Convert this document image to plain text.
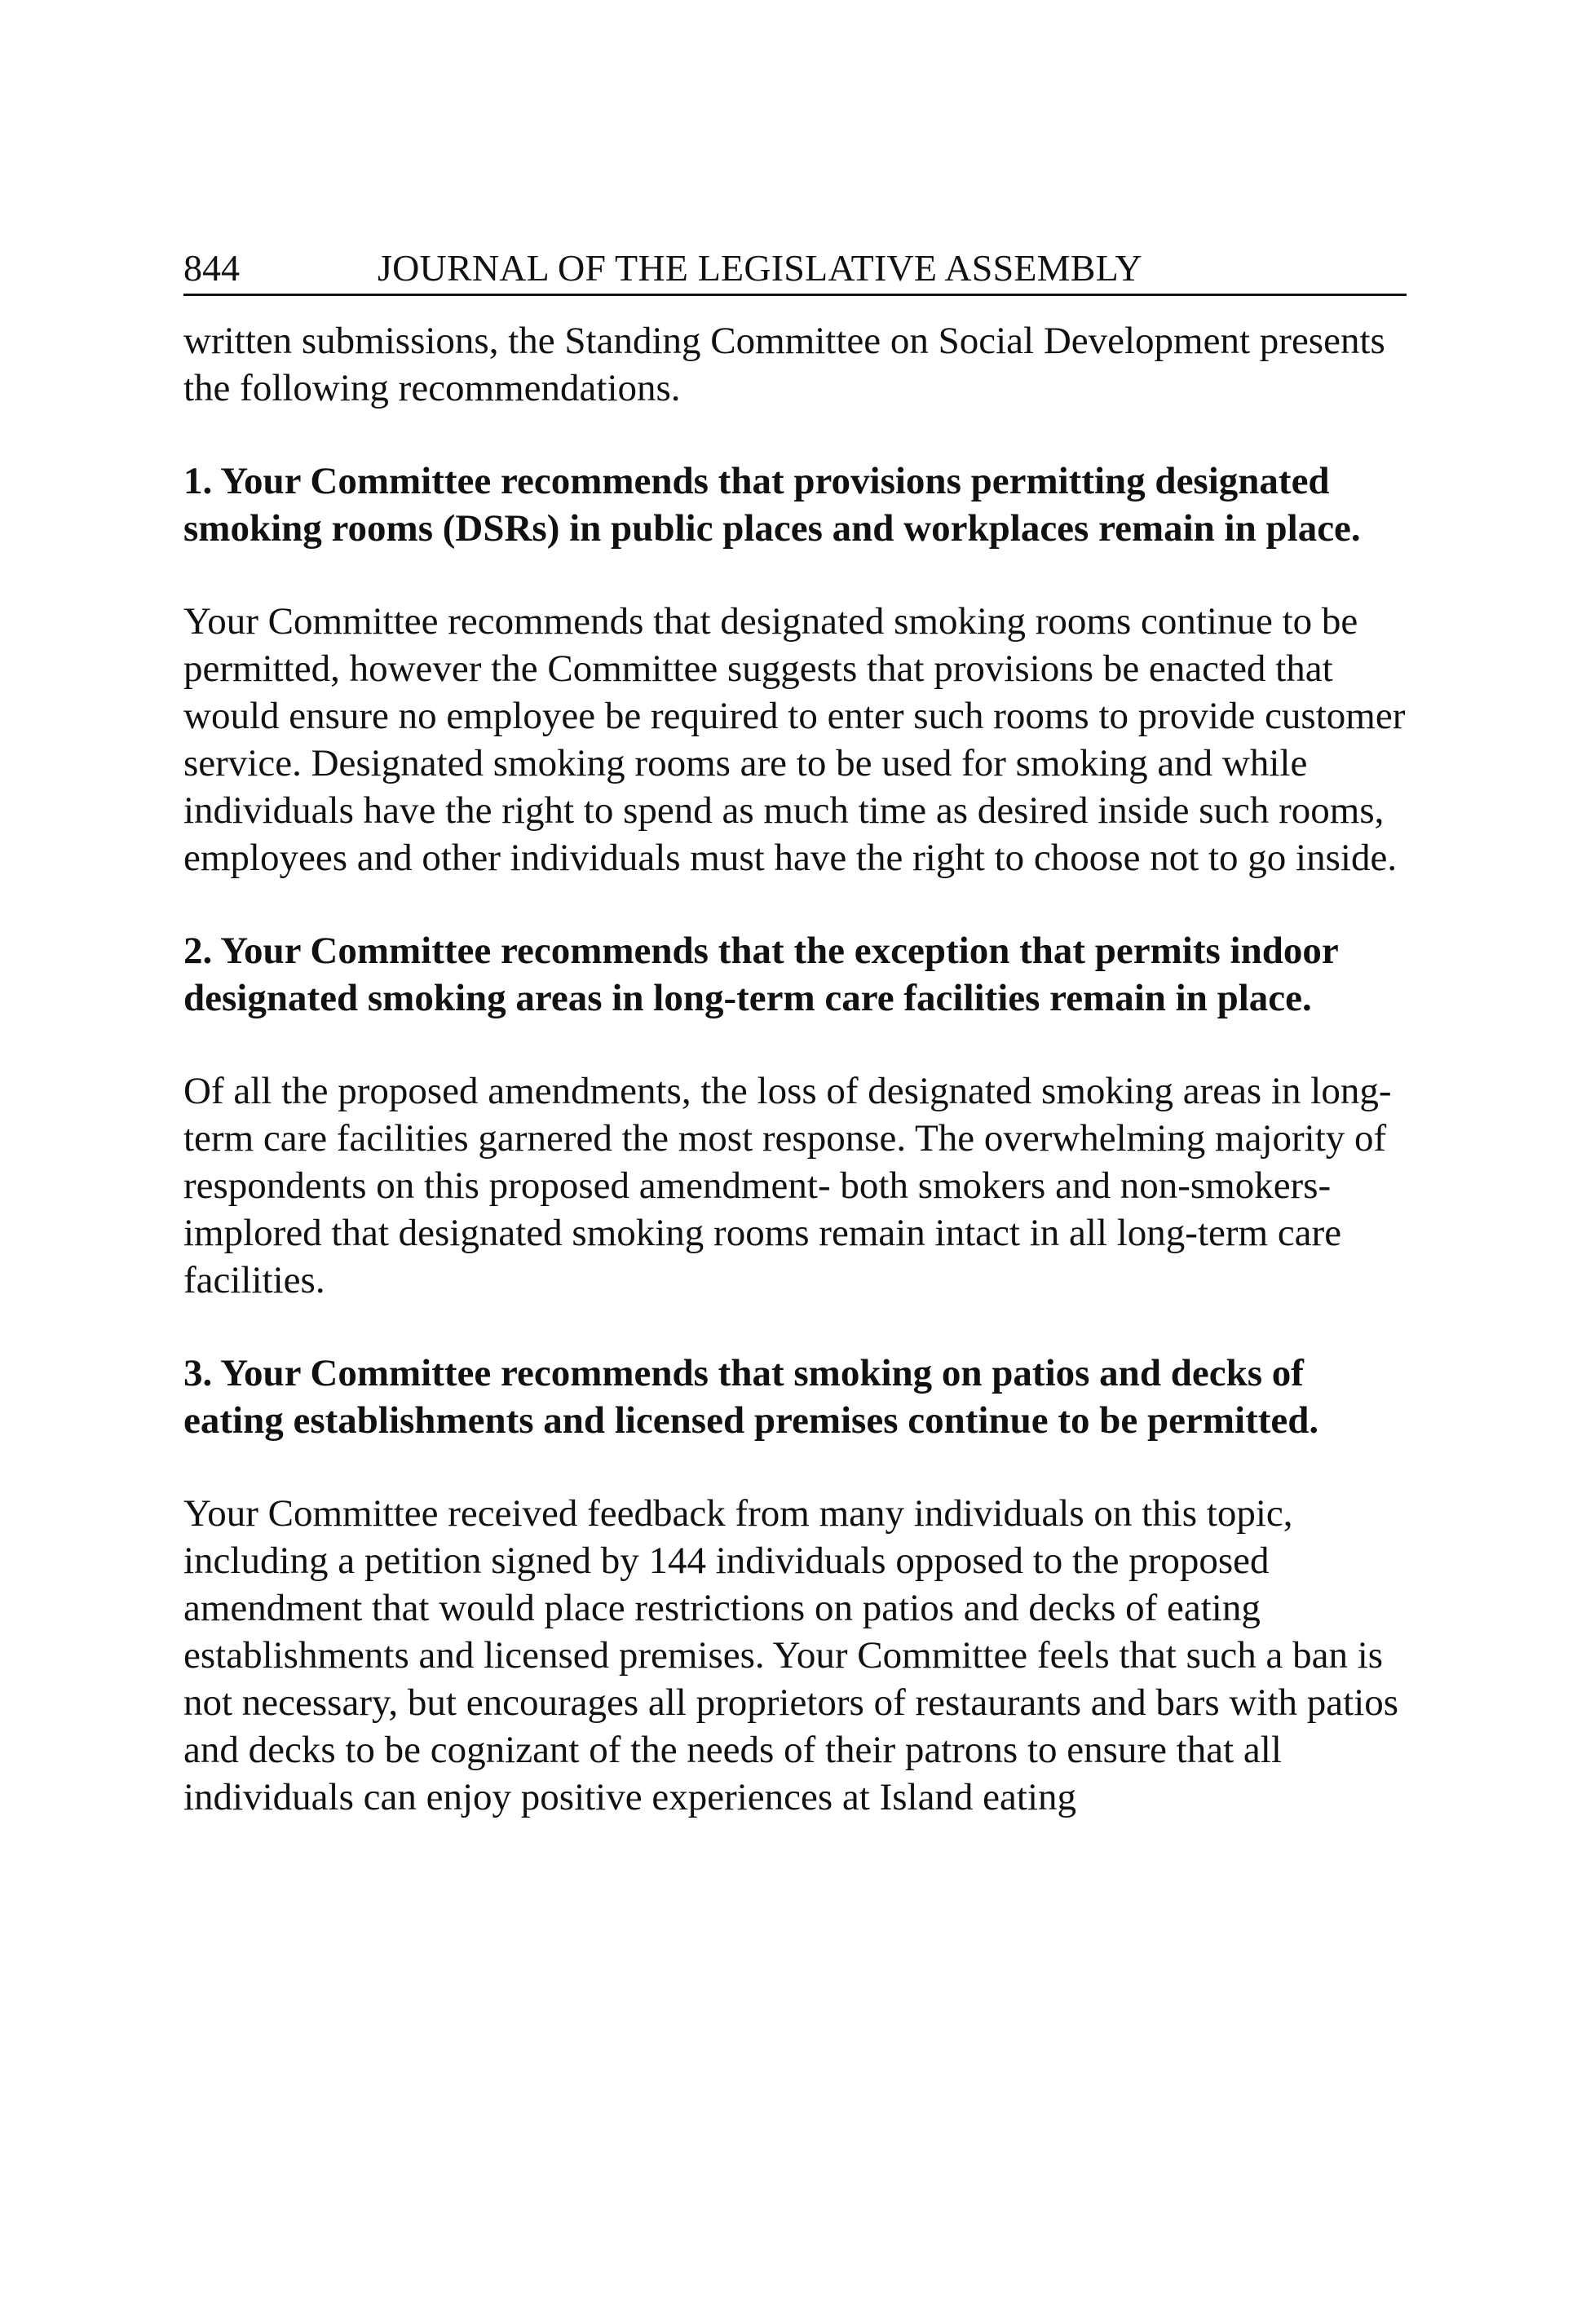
844	JOURNAL OF THE LEGISLATIVE ASSEMBLY

written submissions, the Standing Committee on Social Development presents the following recommendations.

1. Your Committee recommends that provisions permitting designated smoking rooms (DSRs) in public places and workplaces remain in place.

Your Committee recommends that designated smoking rooms continue to be permitted, however the Committee suggests that provisions be enacted that would ensure no employee be required to enter such rooms to provide customer service. Designated smoking rooms are to be used for smoking and while individuals have the right to spend as much time as desired inside such rooms, employees and other individuals must have the right to choose not to go inside.

2. Your Committee recommends that the exception that permits indoor designated smoking areas in long-term care facilities remain in place.

Of all the proposed amendments, the loss of designated smoking areas in long-term care facilities garnered the most response. The overwhelming majority of respondents on this proposed amendment- both smokers and non-smokers- implored that designated smoking rooms remain intact in all long-term care facilities.

3. Your Committee recommends that smoking on patios and decks of eating establishments and licensed premises continue to be permitted.

Your Committee received feedback from many individuals on this topic, including a petition signed by 144 individuals opposed to the proposed amendment that would place restrictions on patios and decks of eating establishments and licensed premises. Your Committee feels that such a ban is not necessary, but encourages all proprietors of restaurants and bars with patios and decks to be cognizant of the needs of their patrons to ensure that all individuals can enjoy positive experiences at Island eating
